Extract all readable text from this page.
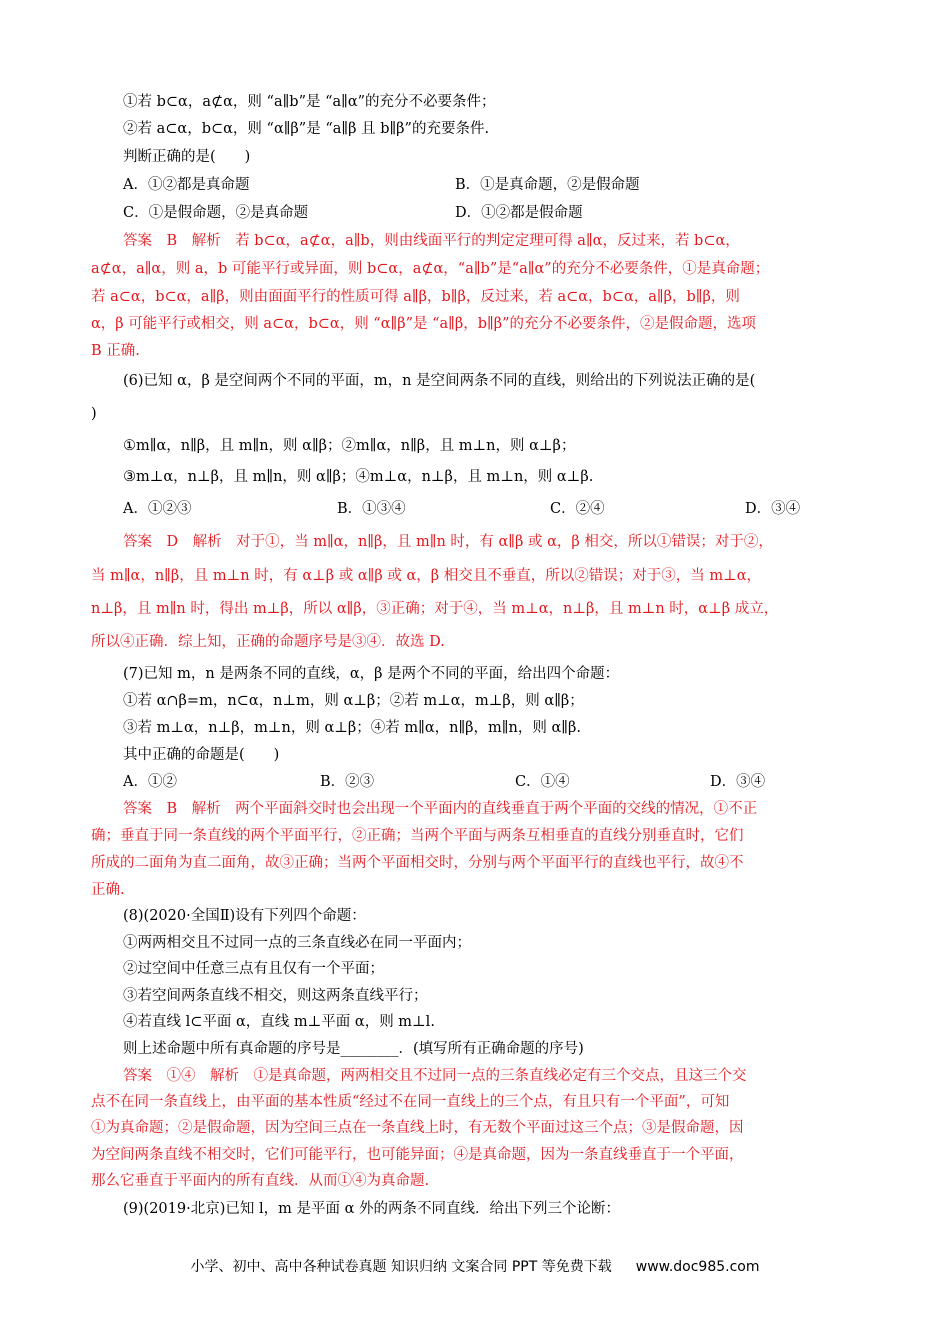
①若 b⊂α，a⊄α，则 “a∥b”是 “a∥α”的充分不必要条件；
②若 a⊂α，b⊂α，则 “α∥β”是 “a∥β 且 b∥β”的充要条件.
判断正确的是(　　)
A．①②都是真命题	B．①是真命题，②是假命题
C．①是假命题，②是真命题	D．①②都是假命题
答案　B　解析　若 b⊂α，a⊄α，a∥b，则由线面平行的判定定理可得 a∥α，反过来，若 b⊂α，
a⊄α，a∥α，则 a，b 可能平行或异面，则 b⊂α，a⊄α，“a∥b”是“a∥α”的充分不必要条件，①是真命题；
若 a⊂α，b⊂α，a∥β，则由面面平行的性质可得 a∥β，b∥β，反过来，若 a⊂α，b⊂α，a∥β，b∥β，则
α，β 可能平行或相交，则 a⊂α，b⊂α，则 “α∥β”是 “a∥β，b∥β”的充分不必要条件，②是假命题，选项
B 正确.
(6)已知 α，β 是空间两个不同的平面，m，n 是空间两条不同的直线，则给出的下列说法正确的是(
)
①m∥α，n∥β，且 m∥n，则 α∥β；②m∥α，n∥β，且 m⊥n，则 α⊥β；
③m⊥α，n⊥β，且 m∥n，则 α∥β；④m⊥α，n⊥β，且 m⊥n，则 α⊥β.
A．①②③	B．①③④	C．②④	D．③④
答案　D　解析　对于①，当 m∥α，n∥β，且 m∥n 时，有 α∥β 或 α，β 相交，所以①错误；对于②，
当 m∥α，n∥β，且 m⊥n 时，有 α⊥β 或 α∥β 或 α，β 相交且不垂直，所以②错误；对于③，当 m⊥α，
n⊥β，且 m∥n 时，得出 m⊥β，所以 α∥β，③正确；对于④，当 m⊥α，n⊥β，且 m⊥n 时，α⊥β 成立，
所以④正确．综上知，正确的命题序号是③④．故选 D.
(7)已知 m，n 是两条不同的直线，α，β 是两个不同的平面，给出四个命题：
①若 α∩β=m，n⊂α，n⊥m，则 α⊥β；②若 m⊥α，m⊥β，则 α∥β；
③若 m⊥α，n⊥β，m⊥n，则 α⊥β；④若 m∥α，n∥β，m∥n，则 α∥β.
其中正确的命题是(　　)
A．①②	B．②③	C．①④	D．③④
答案　B　解析　两个平面斜交时也会出现一个平面内的直线垂直于两个平面的交线的情况，①不正
确；垂直于同一条直线的两个平面平行，②正确；当两个平面与两条互相垂直的直线分别垂直时，它们
所成的二面角为直二面角，故③正确；当两个平面相交时，分别与两个平面平行的直线也平行，故④不
正确.
(8)(2020·全国Ⅱ)设有下列四个命题：
①两两相交且不过同一点的三条直线必在同一平面内；
②过空间中任意三点有且仅有一个平面；
③若空间两条直线不相交，则这两条直线平行；
④若直线 l⊂平面 α，直线 m⊥平面 α，则 m⊥l.
则上述命题中所有真命题的序号是________．(填写所有正确命题的序号)
答案　①④　解析　①是真命题，两两相交且不过同一点的三条直线必定有三个交点，且这三个交
点不在同一条直线上，由平面的基本性质“经过不在同一直线上的三个点，有且只有一个平面”，可知
①为真命题；②是假命题，因为空间三点在一条直线上时，有无数个平面过这三个点；③是假命题，因
为空间两条直线不相交时，它们可能平行，也可能异面；④是真命题，因为一条直线垂直于一个平面，
那么它垂直于平面内的所有直线．从而①④为真命题.
(9)(2019·北京)已知 l，m 是平面 α 外的两条不同直线．给出下列三个论断：
小学、初中、高中各种试卷真题 知识归纳 文案合同 PPT 等免费下载 www.doc985.com
